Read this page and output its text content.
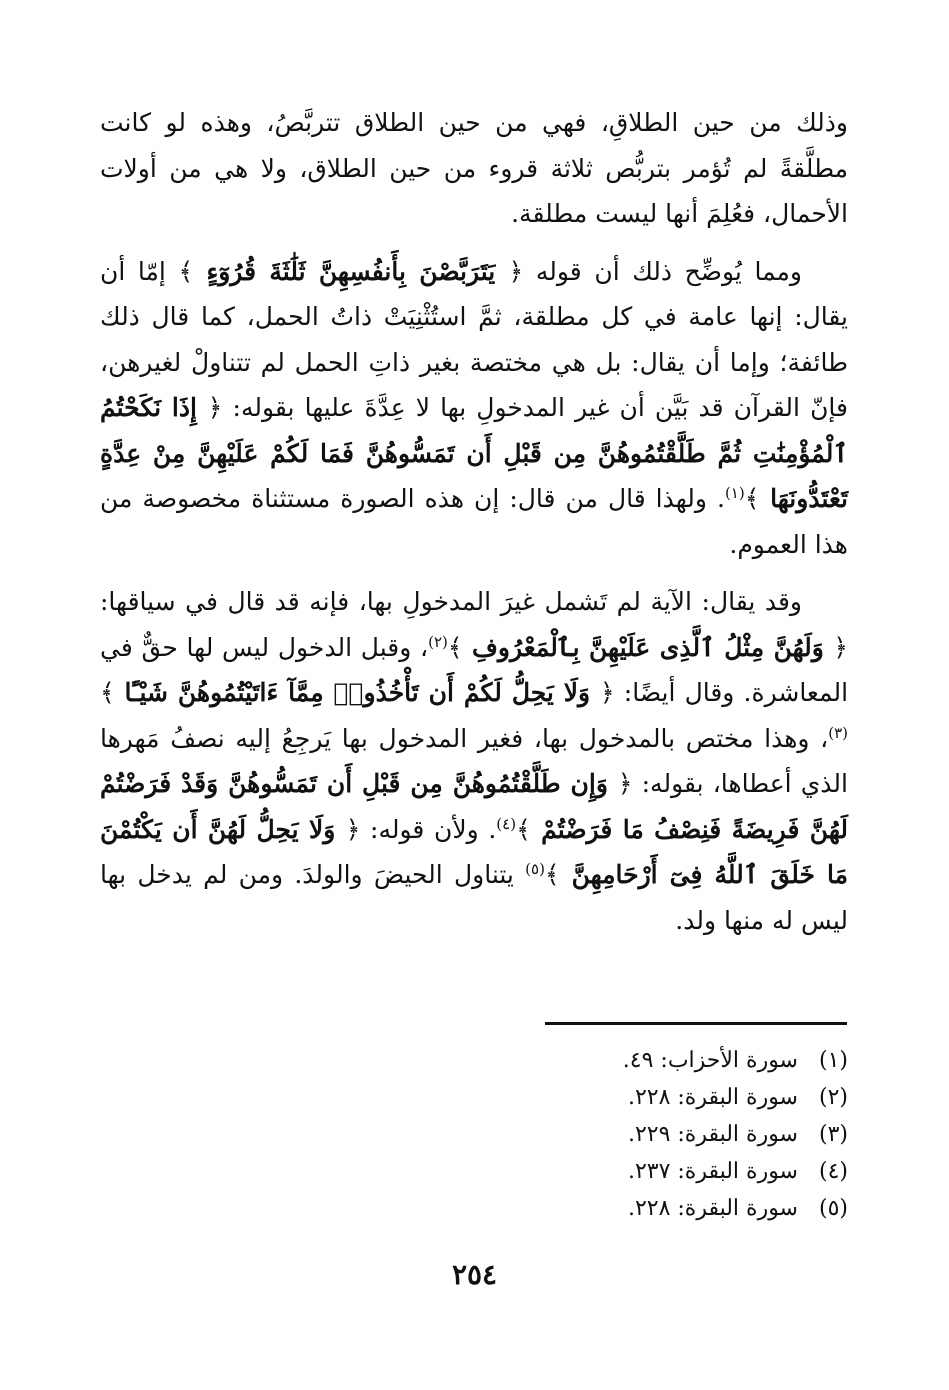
وذلك من حين الطلاقِ، فهي من حين الطلاق تتربَّصُ، وهذه لو كانت مطلَّقةً لم تُؤمر بتربُّص ثلاثة قروء من حين الطلاق، ولا هي من أولات الأحمال، فعُلِمَ أنها ليست مطلقة.

ومما يُوضِّح ذلك أن قوله ﴿ يَتَرَبَّصْنَ بِأَنفُسِهِنَّ ثَلَٰثَةَ قُرُوٓءٍ ﴾ إمّا أن يقال: إنها عامة في كل مطلقة، ثمَّ استُثْنِيَتْ ذاتُ الحمل، كما قال ذلك طائفة؛ وإما أن يقال: بل هي مختصة بغير ذاتِ الحمل لم تتناولْ لغيرهن، فإنّ القرآن قد بَيَّن أن غير المدخولِ بها لا عِدَّةَ عليها بقوله: ﴿ إِذَا نَكَحْتُمُ ٱلْمُؤْمِنَٰتِ ثُمَّ طَلَّقْتُمُوهُنَّ مِن قَبْلِ أَن تَمَسُّوهُنَّ فَمَا لَكُمْ عَلَيْهِنَّ مِنْ عِدَّةٍ تَعْتَدُّونَهَا ﴾$^{(١)}$. ولهذا قال من قال: إن هذه الصورة مستثناة مخصوصة من هذا العموم.

وقد يقال: الآية لم تَشمل غيرَ المدخولِ بها، فإنه قد قال في سياقها: ﴿ وَلَهُنَّ مِثْلُ ٱلَّذِى عَلَيْهِنَّ بِٱلْمَعْرُوفِ ﴾$^{(٢)}$، وقبل الدخول ليس لها حقٌّ في المعاشرة. وقال أيضًا: ﴿ وَلَا يَحِلُّ لَكُمْ أَن تَأْخُذُوا۟ مِمَّآ ءَاتَيْتُمُوهُنَّ شَيْـًٔا ﴾$^{(٣)}$، وهذا مختص بالمدخول بها، فغير المدخول بها يَرجِعُ إليه نصفُ مَهرها الذي أعطاها، بقوله: ﴿ وَإِن طَلَّقْتُمُوهُنَّ مِن قَبْلِ أَن تَمَسُّوهُنَّ وَقَدْ فَرَضْتُمْ لَهُنَّ فَرِيضَةً فَنِصْفُ مَا فَرَضْتُمْ ﴾$^{(٤)}$. ولأن قوله: ﴿ وَلَا يَحِلُّ لَهُنَّ أَن يَكْتُمْنَ مَا خَلَقَ ٱللَّهُ فِىٓ أَرْحَامِهِنَّ ﴾$^{(٥)}$ يتناول الحيضَ والولدَ. ومن لم يدخل بها ليس له منها ولد.

(١)سورة الأحزاب: ٤٩.
(٢)سورة البقرة: ٢٢٨.
(٣)سورة البقرة: ٢٢٩.
(٤)سورة البقرة: ٢٣٧.
(٥)سورة البقرة: ٢٢٨.
٢٥٤
